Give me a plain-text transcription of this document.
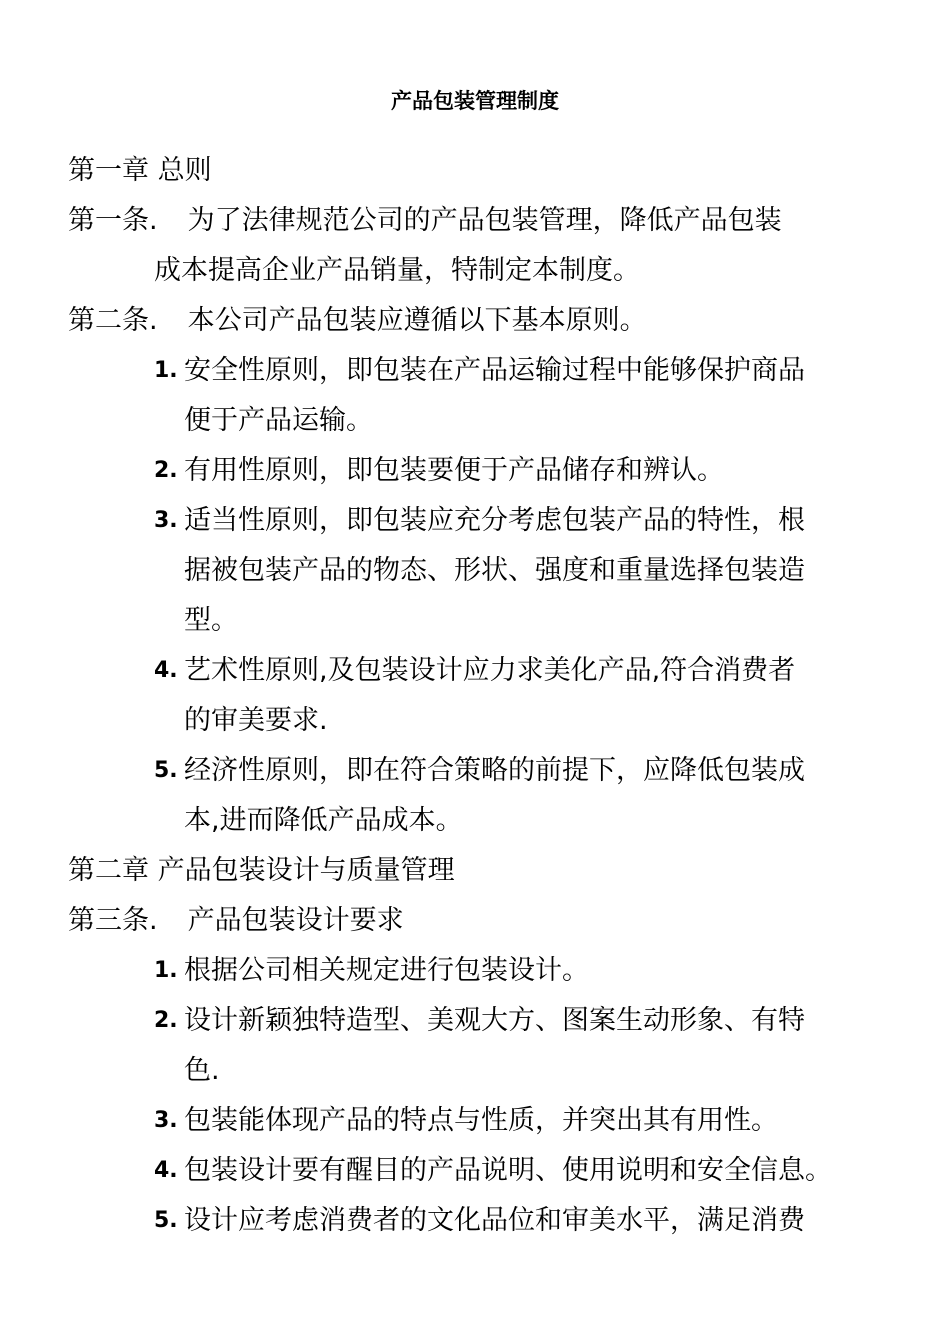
产品包装管理制度
第一章 总则
第一条. 为了法律规范公司的产品包装管理，降低产品包装
成本提高企业产品销量，特制定本制度。
第二条. 本公司产品包装应遵循以下基本原则。
1. 安全性原则，即包装在产品运输过程中能够保护商品
便于产品运输。
2. 有用性原则，即包装要便于产品储存和辨认。
3. 适当性原则，即包装应充分考虑包装产品的特性，根
据被包装产品的物态、形状、强度和重量选择包装造
型。
4. 艺术性原则,及包装设计应力求美化产品,符合消费者
的审美要求.
5. 经济性原则，即在符合策略的前提下，应降低包装成
本,进而降低产品成本。
第二章 产品包装设计与质量管理
第三条. 产品包装设计要求
1. 根据公司相关规定进行包装设计。
2. 设计新颖独特造型、美观大方、图案生动形象、有特
色.
3. 包装能体现产品的特点与性质，并突出其有用性。
4. 包装设计要有醒目的产品说明、使用说明和安全信息。
5. 设计应考虑消费者的文化品位和审美水平，满足消费
